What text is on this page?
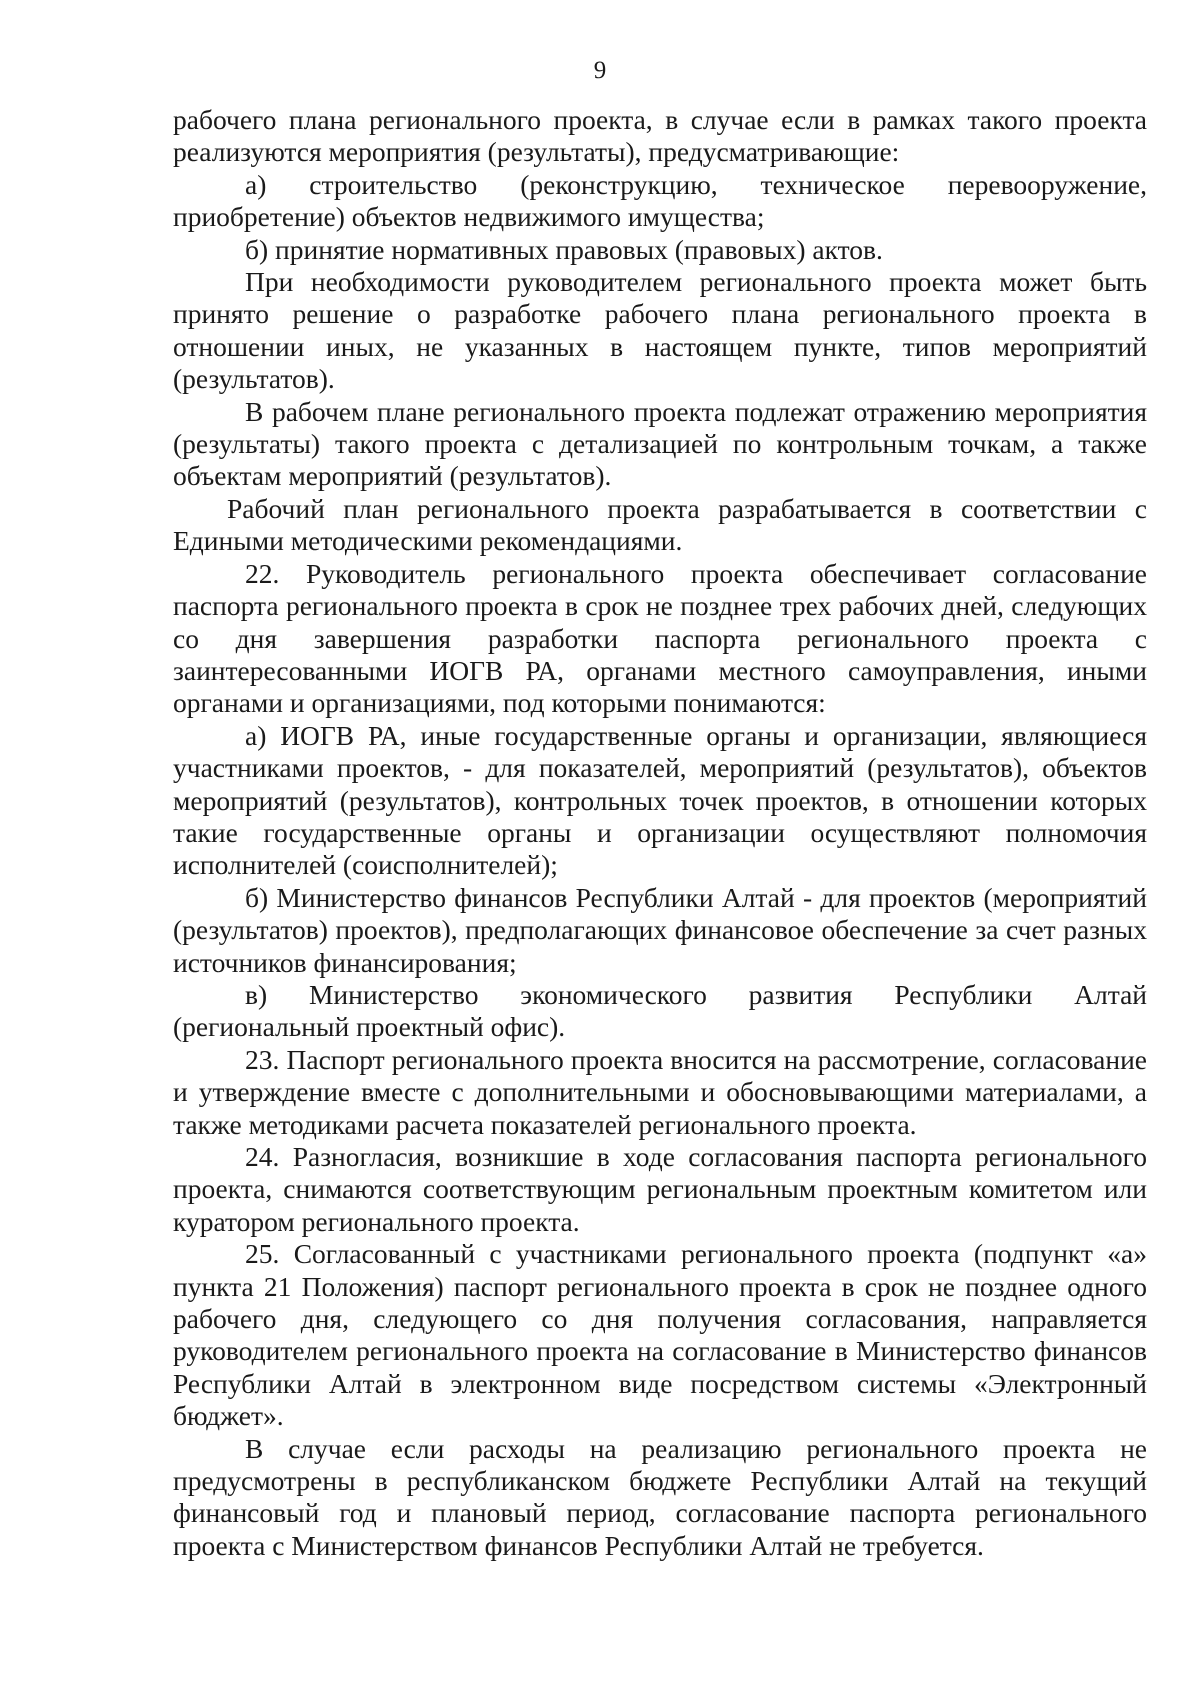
9

рабочего плана регионального проекта, в случае если в рамках такого проекта реализуются мероприятия (результаты), предусматривающие:

а) строительство (реконструкцию, техническое перевооружение, приобретение) объектов недвижимого имущества;

б) принятие нормативных правовых (правовых) актов.

При необходимости руководителем регионального проекта может быть принято решение о разработке рабочего плана регионального проекта в отношении иных, не указанных в настоящем пункте, типов мероприятий (результатов).

В рабочем плане регионального проекта подлежат отражению мероприятия (результаты) такого проекта с детализацией по контрольным точкам, а также объектам мероприятий (результатов).

Рабочий план регионального проекта разрабатывается в соответствии с Едиными методическими рекомендациями.

22. Руководитель регионального проекта обеспечивает согласование паспорта регионального проекта в срок не позднее трех рабочих дней, следующих со дня завершения разработки паспорта регионального проекта с заинтересованными ИОГВ РА, органами местного самоуправления, иными органами и организациями, под которыми понимаются:

а) ИОГВ РА, иные государственные органы и организации, являющиеся участниками проектов, - для показателей, мероприятий (результатов), объектов мероприятий (результатов), контрольных точек проектов, в отношении которых такие государственные органы и организации осуществляют полномочия исполнителей (соисполнителей);

б) Министерство финансов Республики Алтай - для проектов (мероприятий (результатов) проектов), предполагающих финансовое обеспечение за счет разных источников финансирования;

в) Министерство экономического развития Республики Алтай (региональный проектный офис).

23. Паспорт регионального проекта вносится на рассмотрение, согласование и утверждение вместе с дополнительными и обосновывающими материалами, а также методиками расчета показателей регионального проекта.

24. Разногласия, возникшие в ходе согласования паспорта регионального проекта, снимаются соответствующим региональным проектным комитетом или куратором регионального проекта.

25. Согласованный с участниками регионального проекта (подпункт «а» пункта 21 Положения) паспорт регионального проекта в срок не позднее одного рабочего дня, следующего со дня получения согласования, направляется руководителем регионального проекта на согласование в Министерство финансов Республики Алтай в электронном виде посредством системы «Электронный бюджет».

В случае если расходы на реализацию регионального проекта не предусмотрены в республиканском бюджете Республики Алтай на текущий финансовый год и плановый период, согласование паспорта регионального проекта с Министерством финансов Республики Алтай не требуется.
